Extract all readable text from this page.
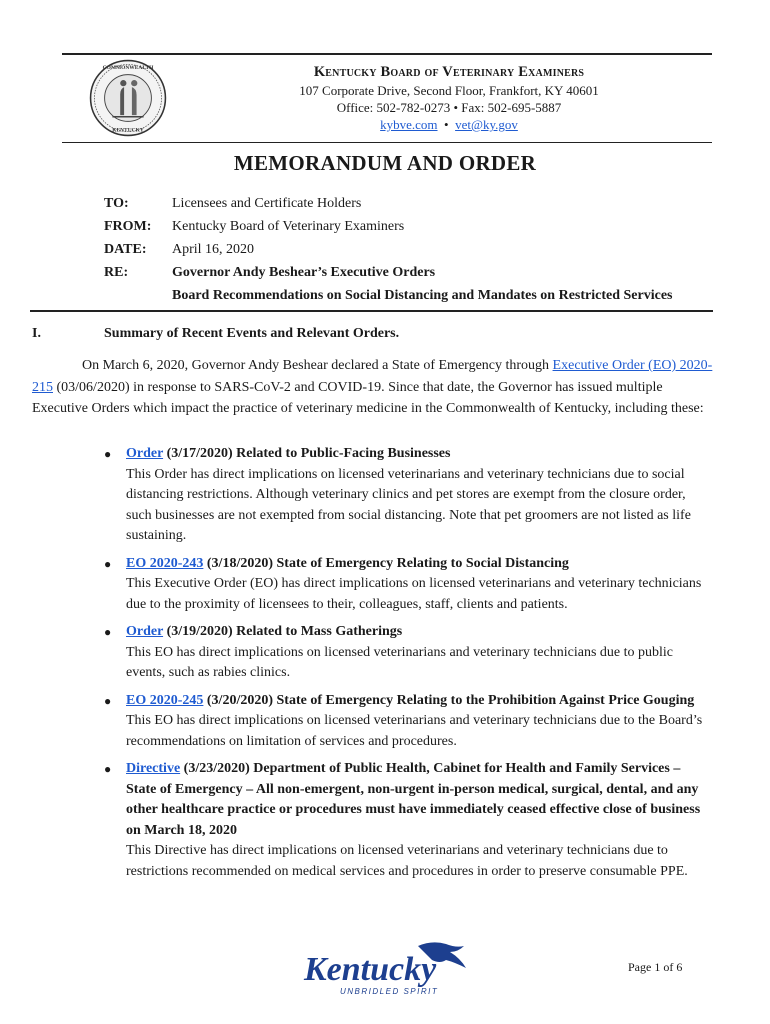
COMMONWEALTH
KENTUCKY
Kentucky Board of Veterinary Examiners
107 Corporate Drive, Second Floor, Frankfort, KY 40601
Office: 502-782-0273 • Fax: 502-695-5887
kybve.com  •  vet@ky.gov
MEMORANDUM AND ORDER
TO:	Licensees and Certificate Holders
FROM:	Kentucky Board of Veterinary Examiners
DATE:	April 16, 2020
RE:	Governor Andy Beshear’s Executive Orders
Board Recommendations on Social Distancing and Mandates on Restricted Services
I.	Summary of Recent Events and Relevant Orders.

On March 6, 2020, Governor Andy Beshear declared a State of Emergency through Executive Order (EO) 2020-215 (03/06/2020) in response to SARS-CoV-2 and COVID-19. Since that date, the Governor has issued multiple Executive Orders which impact the practice of veterinary medicine in the Commonwealth of Kentucky, including these:

● Order (3/17/2020) Related to Public-Facing Businesses
This Order has direct implications on licensed veterinarians and veterinary technicians due to social distancing restrictions. Although veterinary clinics and pet stores are exempt from the closure order, such businesses are not exempted from social distancing. Note that pet groomers are not listed as life sustaining.
● EO 2020-243 (3/18/2020) State of Emergency Relating to Social Distancing
This Executive Order (EO) has direct implications on licensed veterinarians and veterinary technicians due to the proximity of licensees to their, colleagues, staff, clients and patients.
● Order (3/19/2020) Related to Mass Gatherings
This EO has direct implications on licensed veterinarians and veterinary technicians due to public events, such as rabies clinics.
● EO 2020-245 (3/20/2020) State of Emergency Relating to the Prohibition Against Price Gouging
This EO has direct implications on licensed veterinarians and veterinary technicians due to the Board’s recommendations on limitation of services and procedures.
● Directive (3/23/2020) Department of Public Health, Cabinet for Health and Family Services – State of Emergency – All non-emergent, non-urgent in-person medical, surgical, dental, and any other healthcare practice or procedures must have immediately ceased effective close of business on March 18, 2020
This Directive has direct implications on licensed veterinarians and veterinary technicians due to restrictions recommended on medical services and procedures in order to preserve consumable PPE.
Kentucky
UNBRIDLED SPIRIT
Page 1 of 6
